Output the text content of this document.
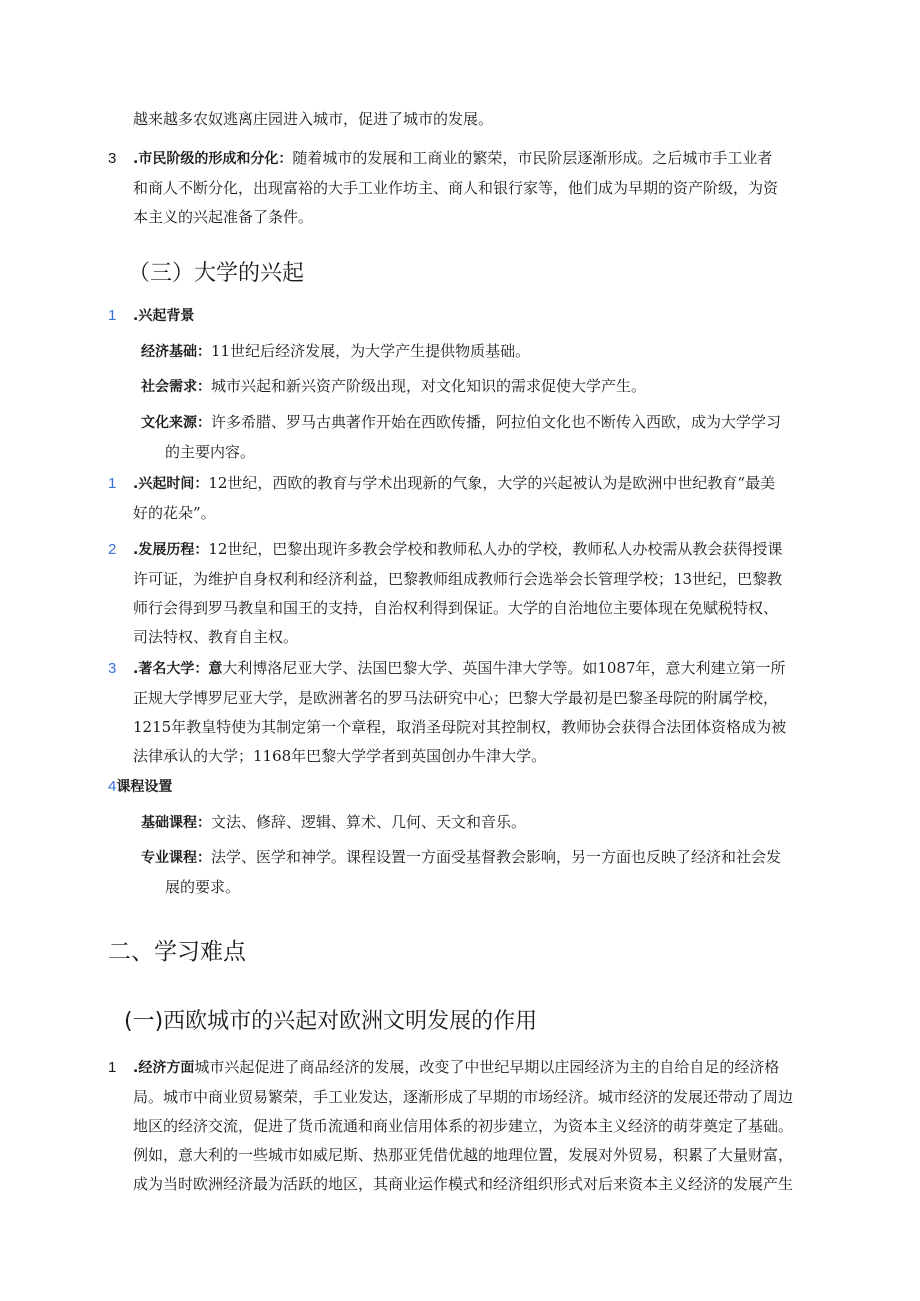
越来越多农奴逃离庄园进入城市，促进了城市的发展。

3 .市民阶级的形成和分化：随着城市的发展和工商业的繁荣，市民阶层逐渐形成。之后城市手工业者
和商人不断分化，出现富裕的大手工业作坊主、商人和银行家等，他们成为早期的资产阶级，为资
本主义的兴起准备了条件。

（三）大学的兴起
1 .兴起背景

经济基础：11世纪后经济发展，为大学产生提供物质基础。

社会需求：城市兴起和新兴资产阶级出现，对文化知识的需求促使大学产生。

文化来源：许多希腊、罗马古典著作开始在西欧传播，阿拉伯文化也不断传入西欧，成为大学学习
的主要内容。

1 .兴起时间：12世纪，西欧的教育与学术出现新的气象，大学的兴起被认为是欧洲中世纪教育“最美
好的花朵”。

2 .发展历程：12世纪，巴黎出现许多教会学校和教师私人办的学校，教师私人办校需从教会获得授课
许可证，为维护自身权利和经济利益，巴黎教师组成教师行会选举会长管理学校；13世纪，巴黎教
师行会得到罗马教皇和国王的支持，自治权利得到保证。大学的自治地位主要体现在免赋税特权、
司法特权、教育自主权。

3 .著名大学：意大利博洛尼亚大学、法国巴黎大学、英国牛津大学等。如1087年，意大利建立第一所
正规大学博罗尼亚大学，是欧洲著名的罗马法研究中心；巴黎大学最初是巴黎圣母院的附属学校，
1215年教皇特使为其制定第一个章程，取消圣母院对其控制权，教师协会获得合法团体资格成为被
法律承认的大学；1168年巴黎大学学者到英国创办牛津大学。

4课程设置

基础课程：文法、修辞、逻辑、算术、几何、天文和音乐。

专业课程：法学、医学和神学。课程设置一方面受基督教会影响，另一方面也反映了经济和社会发
展的要求。

二、学习难点
(一)西欧城市的兴起对欧洲文明发展的作用
1 .经济方面城市兴起促进了商品经济的发展，改变了中世纪早期以庄园经济为主的自给自足的经济格
局。城市中商业贸易繁荣，手工业发达，逐渐形成了早期的市场经济。城市经济的发展还带动了周边
地区的经济交流，促进了货币流通和商业信用体系的初步建立，为资本主义经济的萌芽奠定了基础。
例如，意大利的一些城市如威尼斯、热那亚凭借优越的地理位置，发展对外贸易，积累了大量财富，
成为当时欧洲经济最为活跃的地区，其商业运作模式和经济组织形式对后来资本主义经济的发展产生
